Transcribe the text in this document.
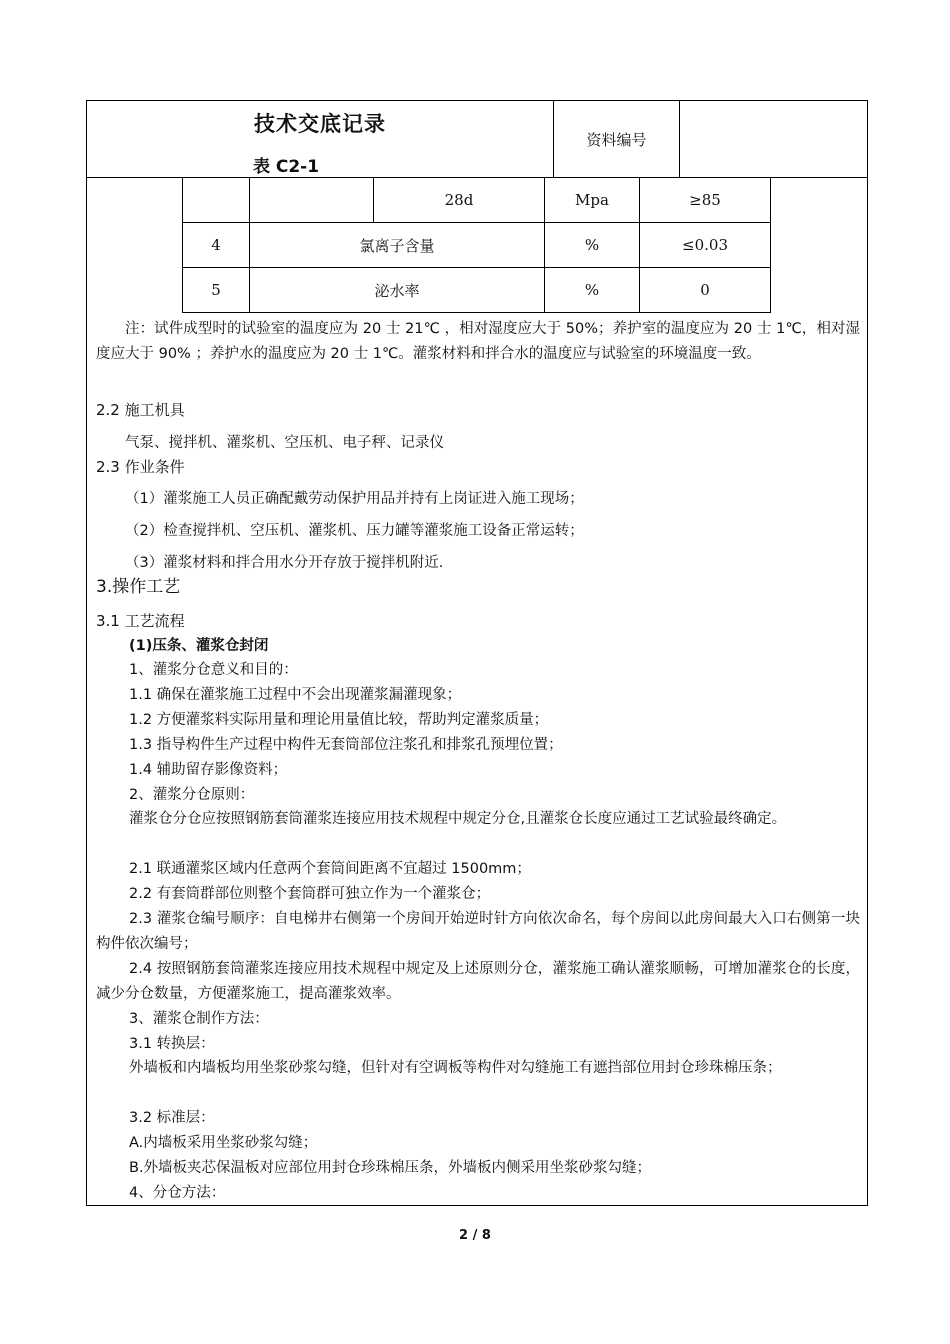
技术交底记录
表 C2-1
资料编号
		28d	Mpa	≥85
4	氯离子含量		%	≤0.03
5	泌水率		%	0

注：试件成型时的试验室的温度应为 20 士 21℃ ，相对湿度应大于 50%；养护室的温度应为 20 士 1℃，相对湿度应大于 90% ；养护水的温度应为 20 士 1℃。灌浆材料和拌合水的温度应与试验室的环境温度一致。

2.2 施工机具

气泵、搅拌机、灌浆机、空压机、电子秤、记录仪

2.3 作业条件

（1）灌浆施工人员正确配戴劳动保护用品并持有上岗证进入施工现场；

（2）检查搅拌机、空压机、灌浆机、压力罐等灌浆施工设备正常运转；

（3）灌浆材料和拌合用水分开存放于搅拌机附近.

3.操作工艺

3.1 工艺流程

(1)压条、灌浆仓封闭

1、灌浆分仓意义和目的：

1.1 确保在灌浆施工过程中不会出现灌浆漏灌现象；

1.2 方便灌浆料实际用量和理论用量值比较，帮助判定灌浆质量；

1.3 指导构件生产过程中构件无套筒部位注浆孔和排浆孔预埋位置；

1.4 辅助留存影像资料；

2、灌浆分仓原则：

灌浆仓分仓应按照钢筋套筒灌浆连接应用技术规程中规定分仓,且灌浆仓长度应通过工艺试验最终确定。

2.1 联通灌浆区域内任意两个套筒间距离不宜超过 1500mm；

2.2 有套筒群部位则整个套筒群可独立作为一个灌浆仓；

2.3 灌浆仓编号顺序：自电梯井右侧第一个房间开始逆时针方向依次命名，每个房间以此房间最大入口右侧第一块构件依次编号；

2.4 按照钢筋套筒灌浆连接应用技术规程中规定及上述原则分仓，灌浆施工确认灌浆顺畅，可增加灌浆仓的长度，减少分仓数量，方便灌浆施工，提高灌浆效率。

3、灌浆仓制作方法：

3.1 转换层：

外墙板和内墙板均用坐浆砂浆勾缝，但针对有空调板等构件对勾缝施工有遮挡部位用封仓珍珠棉压条；

3.2 标准层：

A.内墙板采用坐浆砂浆勾缝；

B.外墙板夹芯保温板对应部位用封仓珍珠棉压条，外墙板内侧采用坐浆砂浆勾缝；

4、分仓方法：

2 / 8
